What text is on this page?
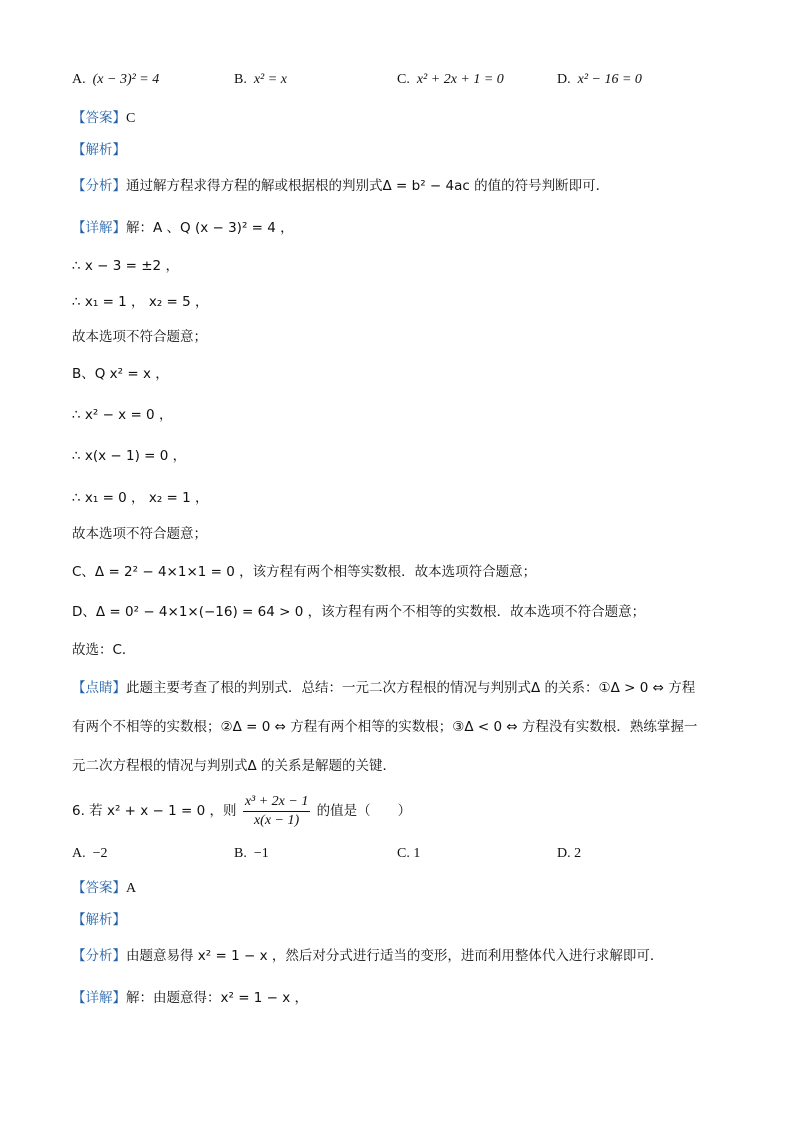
A. (x − 3)² = 4	B. x² = x	C. x² + 2x + 1 = 0	D. x² − 16 = 0
【答案】C
【解析】
【分析】通过解方程求得方程的解或根据根的判别式Δ = b² − 4ac 的值的符号判断即可．
【详解】解：A 、Q (x − 3)² = 4 ，
∴ x − 3 = ±2 ，
∴ x₁ = 1 ， x₂ = 5 ，
故本选项不符合题意；
B、Q x² = x ，
∴ x² − x = 0 ，
∴ x(x − 1) = 0 ，
∴ x₁ = 0 ， x₂ = 1 ，
故本选项不符合题意；
C、Δ = 2² − 4×1×1 = 0 ，该方程有两个相等实数根．故本选项符合题意；
D、Δ = 0² − 4×1×(−16) = 64 > 0 ，该方程有两个不相等的实数根．故本选项不符合题意；
故选：C．
【点睛】此题主要考查了根的判别式．总结：一元二次方程根的情况与判别式Δ 的关系：①Δ > 0 ⇔ 方程
有两个不相等的实数根；②Δ = 0 ⇔ 方程有两个相等的实数根；③Δ < 0 ⇔ 方程没有实数根．熟练掌握一
元二次方程根的情况与判别式Δ 的关系是解题的关键．
6. 若 x² + x − 1 = 0 ，则 $\frac{\text{x³ + 2x − 1}}{x(x - 1)}$ 的值是（　　）
A. −2	B. −1	C. 1	D. 2
【答案】A
【解析】
【分析】由题意易得 x² = 1 − x ，然后对分式进行适当的变形，进而利用整体代入进行求解即可．
【详解】解：由题意得：x² = 1 − x ，
